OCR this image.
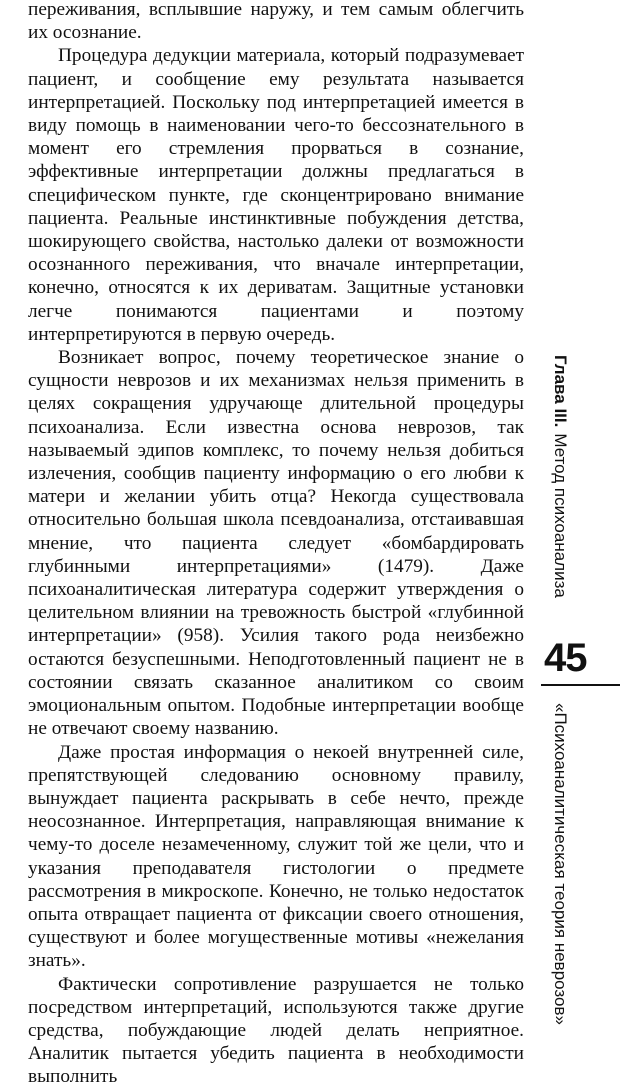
переживания, всплывшие наружу, и тем самым облегчить их осознание.

Процедура дедукции материала, который подразумевает пациент, и сообщение ему результата называется интерпретацией. Поскольку под интерпретацией имеется в виду помощь в наименовании чего-то бессознательного в момент его стремления прорваться в сознание, эффективные интерпретации должны предлагаться в специфическом пункте, где сконцентрировано внимание пациента. Реальные инстинктивные побуждения детства, шокирующего свойства, настолько далеки от возможности осознанного переживания, что вначале интерпретации, конечно, относятся к их дериватам. Защитные установки легче понимаются пациентами и поэтому интерпретируются в первую очередь.

Возникает вопрос, почему теоретическое знание о сущности неврозов и их механизмах нельзя применить в целях сокращения удручающе длительной процедуры психоанализа. Если известна основа неврозов, так называемый эдипов комплекс, то почему нельзя добиться излечения, сообщив пациенту информацию о его любви к матери и желании убить отца? Некогда существовала относительно большая школа псевдоанализа, отстаивавшая мнение, что пациента следует «бомбардировать глубинными интерпретациями» (1479). Даже психоаналитическая литература содержит утверждения о целительном влиянии на тревожность быстрой «глубинной интерпретации» (958). Усилия такого рода неизбежно остаются безуспешными. Неподготовленный пациент не в состоянии связать сказанное аналитиком со своим эмоциональным опытом. Подобные интерпретации вообще не отвечают своему названию.

Даже простая информация о некоей внутренней силе, препятствующей следованию основному правилу, вынуждает пациента раскрывать в себе нечто, прежде неосознанное. Интерпретация, направляющая внимание к чему-то доселе незамеченному, служит той же цели, что и указания преподавателя гистологии о предмете рассмотрения в микроскопе. Конечно, не только недостаток опыта отвращает пациента от фиксации своего отношения, существуют и более могущественные мотивы «нежелания знать».

Фактически сопротивление разрушается не только посредством интерпретаций, используются также другие средства, побуждающие людей делать неприятное. Аналитик пытается убедить пациента в необходимости выполнить

Глава III.Метод психоанализа
45
«Психоаналитическая теория неврозов»
